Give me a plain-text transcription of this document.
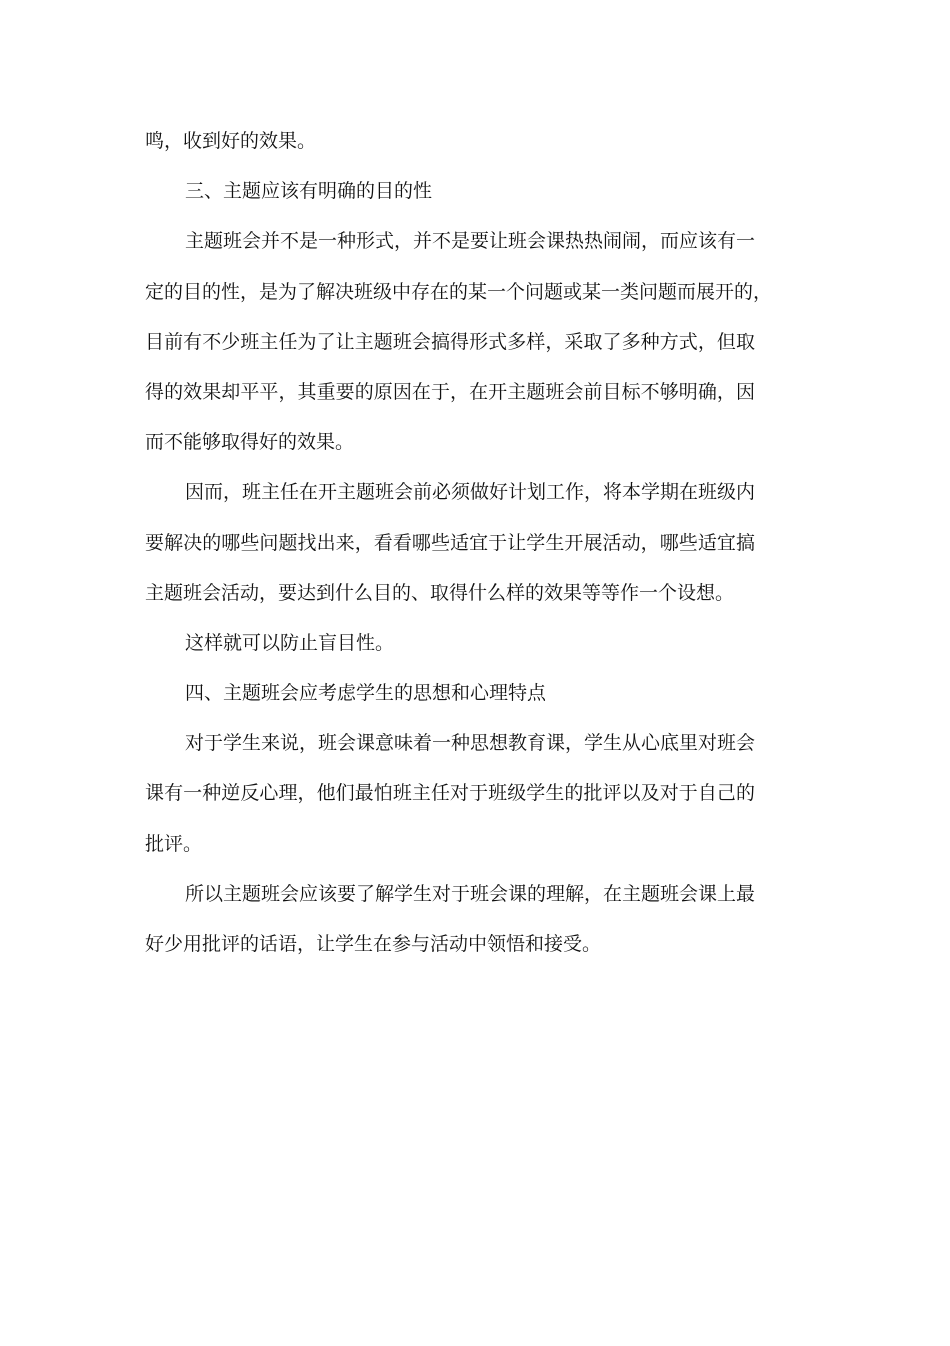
鸣，收到好的效果。
三、主题应该有明确的目的性
主题班会并不是一种形式，并不是要让班会课热热闹闹，而应该有一
定的目的性，是为了解决班级中存在的某一个问题或某一类问题而展开的，
目前有不少班主任为了让主题班会搞得形式多样，采取了多种方式，但取
得的效果却平平，其重要的原因在于，在开主题班会前目标不够明确，因
而不能够取得好的效果。
因而，班主任在开主题班会前必须做好计划工作，将本学期在班级内
要解决的哪些问题找出来，看看哪些适宜于让学生开展活动，哪些适宜搞
主题班会活动，要达到什么目的、取得什么样的效果等等作一个设想。
这样就可以防止盲目性。
四、主题班会应考虑学生的思想和心理特点
对于学生来说，班会课意味着一种思想教育课，学生从心底里对班会
课有一种逆反心理，他们最怕班主任对于班级学生的批评以及对于自己的
批评。
所以主题班会应该要了解学生对于班会课的理解，在主题班会课上最
好少用批评的话语，让学生在参与活动中领悟和接受。
